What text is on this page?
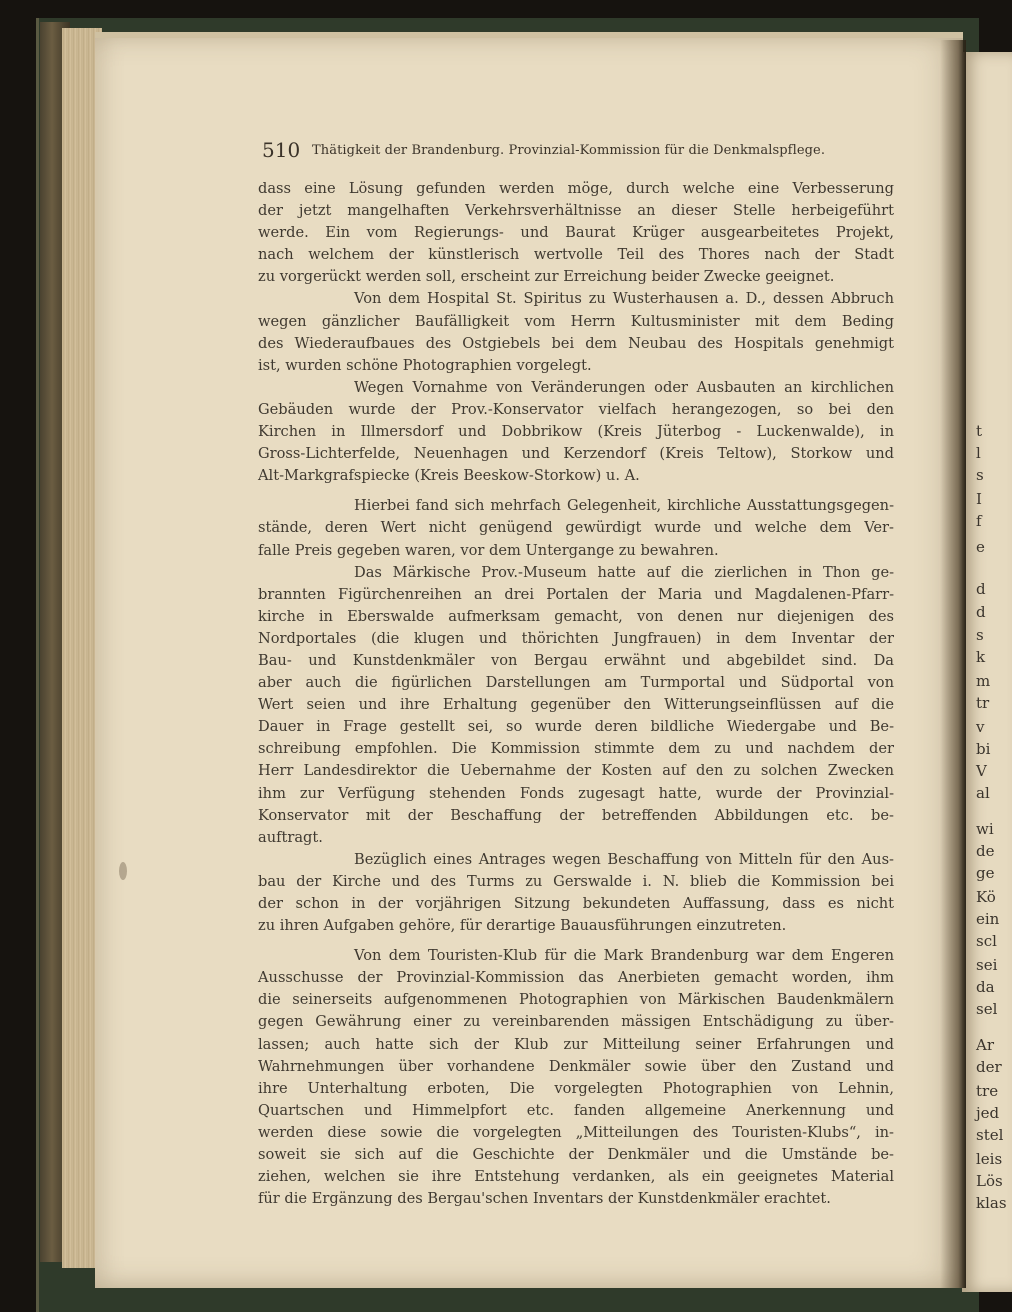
t
l
s
I
f
e
d
d
s
k
m
tr
v
bi
V
al
wi
de
ge
Kö
ein
scl
sei
da
sel
Ar
der
tre
jed
stel
leis
Lös
klas
510 Thätigkeit der Brandenburg. Provinzial-Kommission für die Denkmalspflege.
dass eine Lösung gefunden werden möge, durch welche eine Verbesserung
der jetzt mangelhaften Verkehrsverhältnisse an dieser Stelle herbeigeführt
werde. Ein vom Regierungs- und Baurat Krüger ausgearbeitetes Projekt,
nach welchem der künstlerisch wertvolle Teil des Thores nach der Stadt
zu vorgerückt werden soll, erscheint zur Erreichung beider Zwecke geeignet.
Von dem Hospital St. Spiritus zu Wusterhausen a. D., dessen Abbruch
wegen gänzlicher Baufälligkeit vom Herrn Kultusminister mit dem Beding
des Wiederaufbaues des Ostgiebels bei dem Neubau des Hospitals genehmigt
ist, wurden schöne Photographien vorgelegt.
Wegen Vornahme von Veränderungen oder Ausbauten an kirchlichen
Gebäuden wurde der Prov.-Konservator vielfach herangezogen, so bei den
Kirchen in Illmersdorf und Dobbrikow (Kreis Jüterbog - Luckenwalde), in
Gross-Lichterfelde, Neuenhagen und Kerzendorf (Kreis Teltow), Storkow und
Alt-Markgrafspiecke (Kreis Beeskow-Storkow) u. A.
Hierbei fand sich mehrfach Gelegenheit, kirchliche Ausstattungsgegen-
stände, deren Wert nicht genügend gewürdigt wurde und welche dem Ver-
falle Preis gegeben waren, vor dem Untergange zu bewahren.
Das Märkische Prov.-Museum hatte auf die zierlichen in Thon ge-
brannten Figürchenreihen an drei Portalen der Maria und Magdalenen-Pfarr-
kirche in Eberswalde aufmerksam gemacht, von denen nur diejenigen des
Nordportales (die klugen und thörichten Jungfrauen) in dem Inventar der
Bau- und Kunstdenkmäler von Bergau erwähnt und abgebildet sind. Da
aber auch die figürlichen Darstellungen am Turmportal und Südportal von
Wert seien und ihre Erhaltung gegenüber den Witterungseinflüssen auf die
Dauer in Frage gestellt sei, so wurde deren bildliche Wiedergabe und Be-
schreibung empfohlen. Die Kommission stimmte dem zu und nachdem der
Herr Landesdirektor die Uebernahme der Kosten auf den zu solchen Zwecken
ihm zur Verfügung stehenden Fonds zugesagt hatte, wurde der Provinzial-
Konservator mit der Beschaffung der betreffenden Abbildungen etc. be-
auftragt.
Bezüglich eines Antrages wegen Beschaffung von Mitteln für den Aus-
bau der Kirche und des Turms zu Gerswalde i. N. blieb die Kommission bei
der schon in der vorjährigen Sitzung bekundeten Auffassung, dass es nicht
zu ihren Aufgaben gehöre, für derartige Bauausführungen einzutreten.
Von dem Touristen-Klub für die Mark Brandenburg war dem Engeren
Ausschusse der Provinzial-Kommission das Anerbieten gemacht worden, ihm
die seinerseits aufgenommenen Photographien von Märkischen Baudenkmälern
gegen Gewährung einer zu vereinbarenden mässigen Entschädigung zu über-
lassen; auch hatte sich der Klub zur Mitteilung seiner Erfahrungen und
Wahrnehmungen über vorhandene Denkmäler sowie über den Zustand und
ihre Unterhaltung erboten, Die vorgelegten Photographien von Lehnin,
Quartschen und Himmelpfort etc. fanden allgemeine Anerkennung und
werden diese sowie die vorgelegten „Mitteilungen des Touristen-Klubs“, in-
soweit sie sich auf die Geschichte der Denkmäler und die Umstände be-
ziehen, welchen sie ihre Entstehung verdanken, als ein geeignetes Material
für die Ergänzung des Bergau'schen Inventars der Kunstdenkmäler erachtet.
